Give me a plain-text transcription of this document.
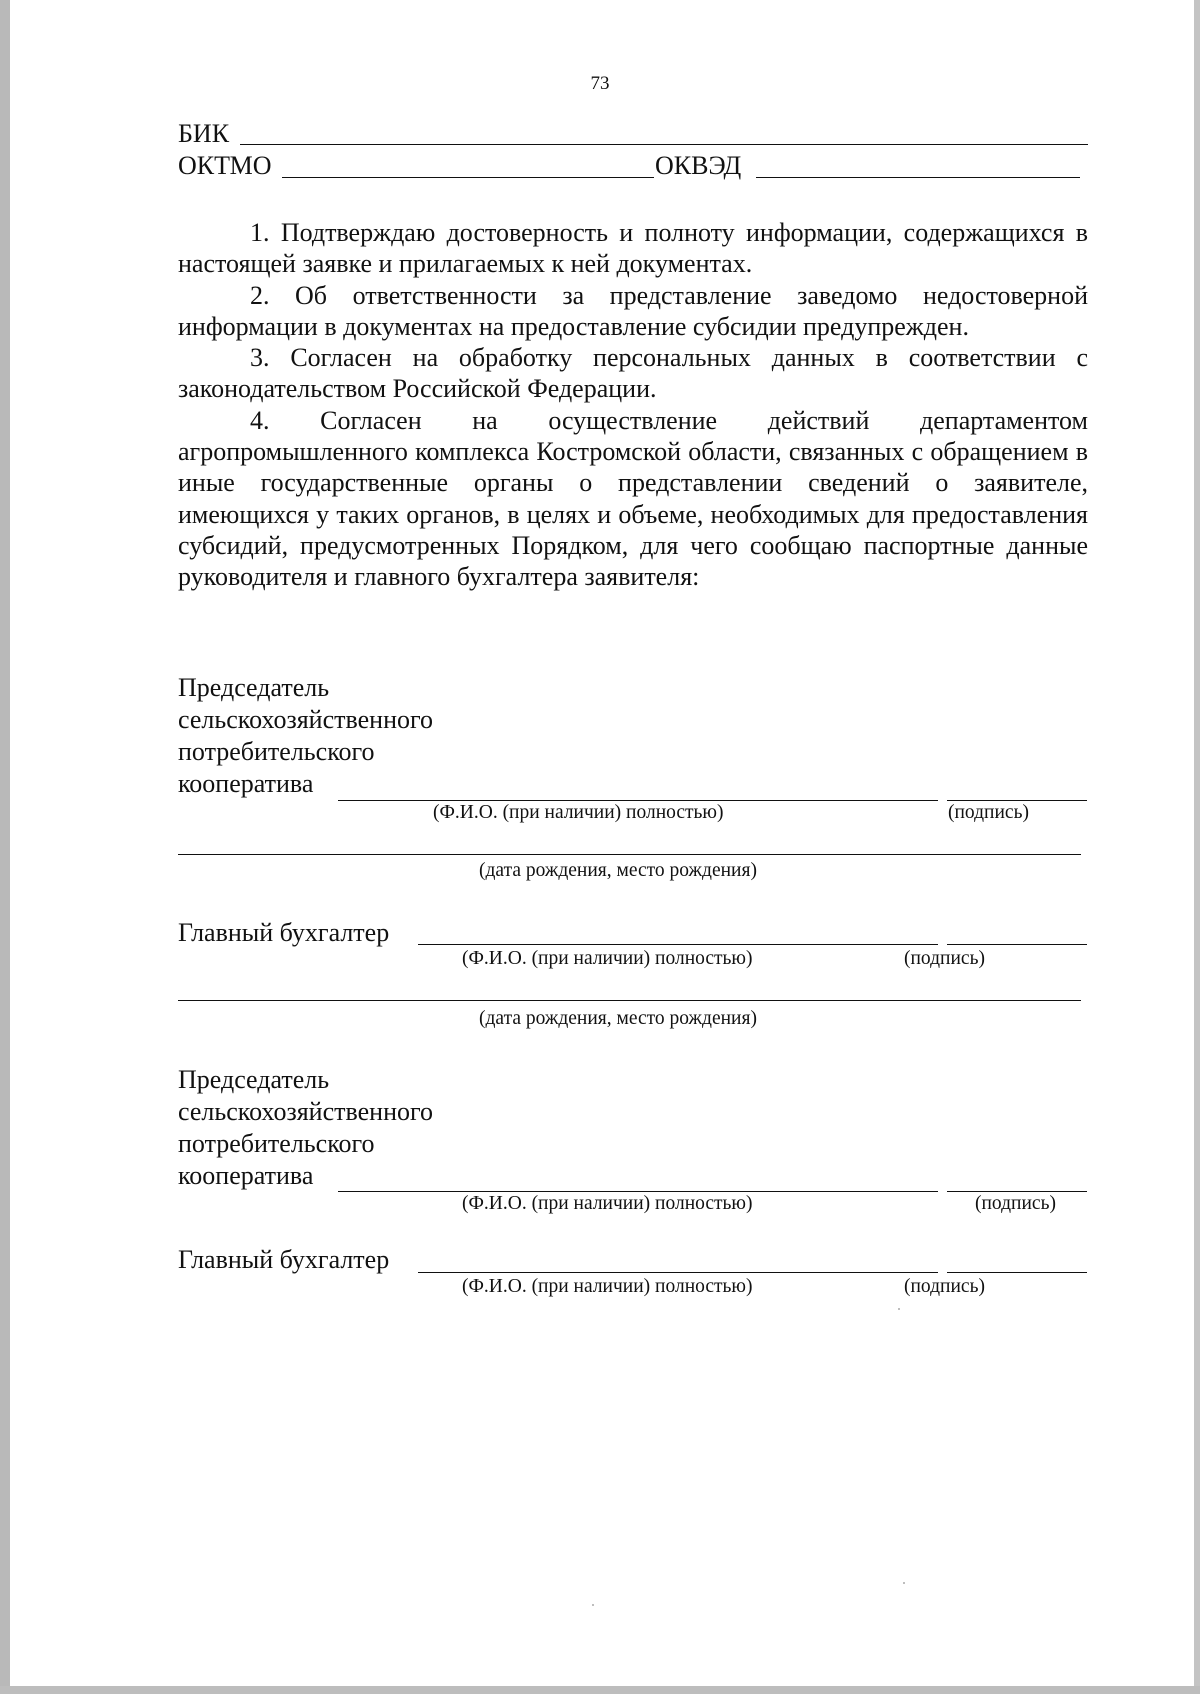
73
БИК
ОКТМО	ОКВЭД

1. Подтверждаю достоверность и полноту информации, содержащихся в настоящей заявке и прилагаемых к ней документах.

2. Об ответственности за представление заведомо недостоверной информации в документах на предоставление субсидии предупрежден.

3. Согласен на обработку персональных данных в соответствии с законодательством Российской Федерации.

4. Согласен на осуществление действий департаментом агропромышленного комплекса Костромской области, связанных с обращением в иные государственные органы о представлении сведений о заявителе, имеющихся у таких органов, в целях и объеме, необходимых для предоставления субсидий, предусмотренных Порядком, для чего сообщаю паспортные данные руководителя и главного бухгалтера заявителя:

Председатель
сельскохозяйственного
потребительского
кооператива
(Ф.И.О. (при наличии) полностью)	(подпись)
(дата рождения, место рождения)
Главный бухгалтер
(Ф.И.О. (при наличии) полностью)	(подпись)
(дата рождения, место рождения)
Председатель
сельскохозяйственного
потребительского
кооператива
(Ф.И.О. (при наличии) полностью)	(подпись)
Главный бухгалтер
(Ф.И.О. (при наличии) полностью)	(подпись)
